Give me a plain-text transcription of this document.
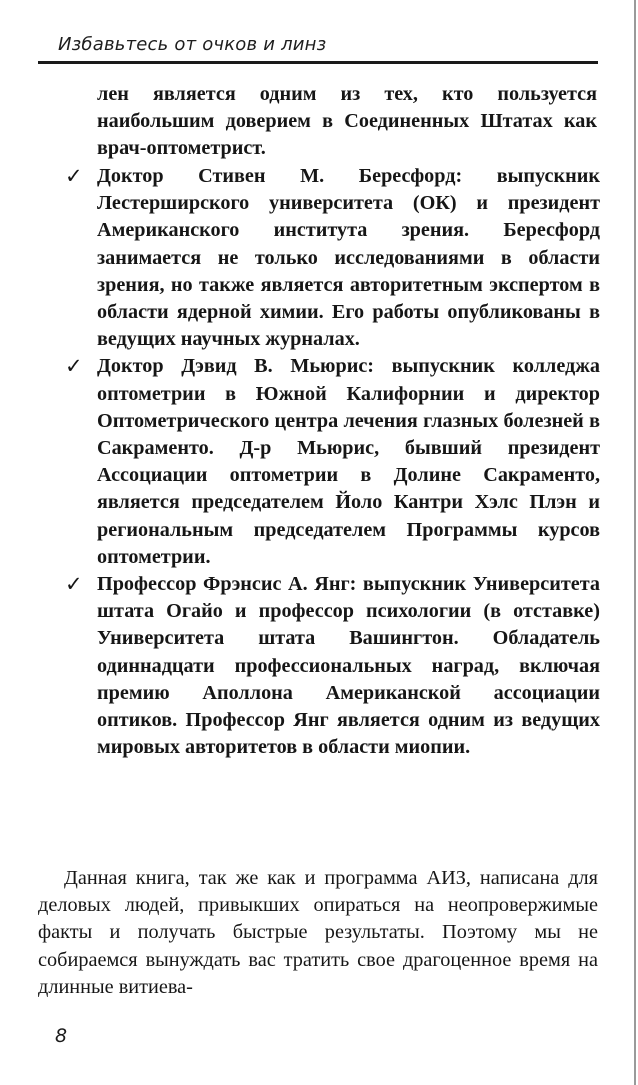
Избавьтесь от очков и линз

лен является одним из тех, кто пользуется наибольшим доверием в Соединенных Штатах как врач-оптометрист.

✓ Доктор Стивен М. Бересфорд: выпускник Лестерширского университета (ОК) и президент Американского института зрения. Бересфорд занимается не только исследованиями в области зрения, но также является авторитетным экспертом в области ядерной химии. Его работы опубликованы в ведущих научных журналах.
✓ Доктор Дэвид В. Мьюрис: выпускник колледжа оптометрии в Южной Калифорнии и директор Оптометрического центра лечения глазных болезней в Сакраменто. Д-р Мьюрис, бывший президент Ассоциации оптометрии в Долине Сакраменто, является председателем Йоло Кантри Хэлс Плэн и региональным председателем Программы курсов оптометрии.
✓ Профессор Фрэнсис А. Янг: выпускник Университета штата Огайо и профессор психологии (в отставке) Университета штата Вашингтон. Обладатель одиннадцати профессиональных наград, включая премию Аполлона Американской ассоциации оптиков. Профессор Янг является одним из ведущих мировых авторитетов в области миопии.

Данная книга, так же как и программа АИЗ, написана для деловых людей, привыкших опираться на неопровержимые факты и получать быстрые результаты. Поэтому мы не собираемся вынуждать вас тратить свое драгоценное время на длинные витиева-

8
